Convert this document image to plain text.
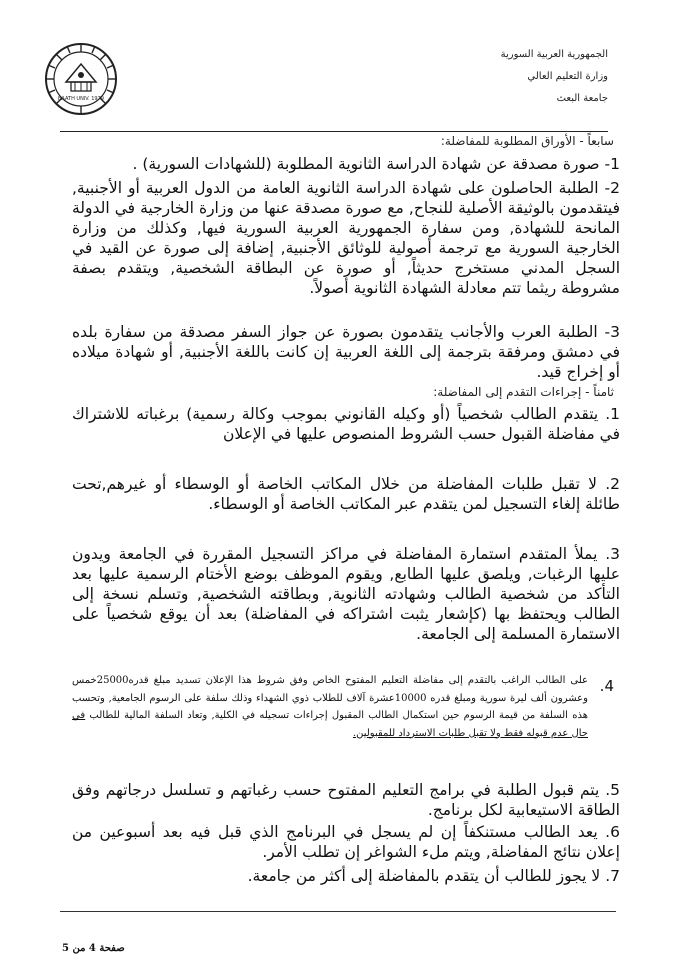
الجمهورية العربية السورية
وزارة التعليم العالي
جامعة البعث
BAATH UNIV. 1979
سابعاً - الأوراق المطلوبة للمفاضلة:
1- صورة مصدقة عن شهادة الدراسة الثانوية المطلوبة (للشهادات السورية) .
2- الطلبة الحاصلون على شهادة الدراسة الثانوية العامة من الدول العربية أو الأجنبية, فيتقدمون بالوثيقة الأصلية للنجاح, مع صورة مصدقة عنها من وزارة الخارجية في الدولة المانحة للشهادة, ومن سفارة الجمهورية العربية السورية فيها, وكذلك من وزارة الخارجية السورية مع ترجمة أصولية للوثائق الأجنبية, إضافة إلى صورة عن القيد في السجل المدني مستخرج حديثاً, أو صورة عن البطاقة الشخصية, ويتقدم بصفة مشروطة ريثما تتم معادلة الشهادة الثانوية أصولاً.
3- الطلبة العرب والأجانب يتقدمون بصورة عن جواز السفر مصدقة من سفارة بلده في دمشق ومرفقة بترجمة إلى اللغة العربية إن كانت باللغة الأجنبية, أو شهادة ميلاده أو إخراج قيد.
ثامناً - إجراءات التقدم إلى المفاضلة:
1. يتقدم الطالب شخصياً (أو وكيله القانوني بموجب وكالة رسمية) برغباته للاشتراك في مفاضلة القبول حسب الشروط المنصوص عليها في الإعلان
2. لا تقبل طلبات المفاضلة من خلال المكاتب الخاصة أو الوسطاء أو غيرهم,تحت طائلة إلغاء التسجيل لمن يتقدم عبر المكاتب الخاصة أو الوسطاء.
3. يملأ المتقدم استمارة المفاضلة في مراكز التسجيل المقررة في الجامعة ويدون عليها الرغبات, ويلصق عليها الطابع, ويقوم الموظف بوضع الأختام الرسمية عليها بعد التأكد من شخصية الطالب وشهادته الثانوية, وبطاقته الشخصية, وتسلم نسخة إلى الطالب ويحتفظ بها (كإشعار يثبت اشتراكه في المفاضلة) بعد أن يوقع شخصياً على الاستمارة المسلمة إلى الجامعة.
4.
على الطالب الراغب بالتقدم إلى مفاضلة التعليم المفتوح الخاص وفق شروط هذا الإعلان تسديد مبلغ قدره25000خمس وعشرون ألف ليرة سورية ومبلغ قدره 10000عشرة آلاف للطلاب ذوي الشهداء وذلك سلفة على الرسوم الجامعية, وتحسب هذه السلفة من قيمة الرسوم حين استكمال الطالب المقبول إجراءات تسجيله في الكلية, وتعاد السلفة المالية للطالب في حال عدم قبوله فقط ولا تقبل طلبات الاسترداد للمقبولين.
5. يتم قبول الطلبة في برامج التعليم المفتوح حسب رغباتهم و تسلسل درجاتهم وفق الطاقة الاستيعابية لكل برنامج.
6. يعد الطالب مستنكفاً إن لم يسجل في البرنامج الذي قبل فيه بعد أسبوعين من إعلان نتائج المفاضلة, ويتم ملء الشواغر إن تطلب الأمر.
7. لا يجوز للطالب أن يتقدم بالمفاضلة إلى أكثر من جامعة.
صفحة 4 من 5
